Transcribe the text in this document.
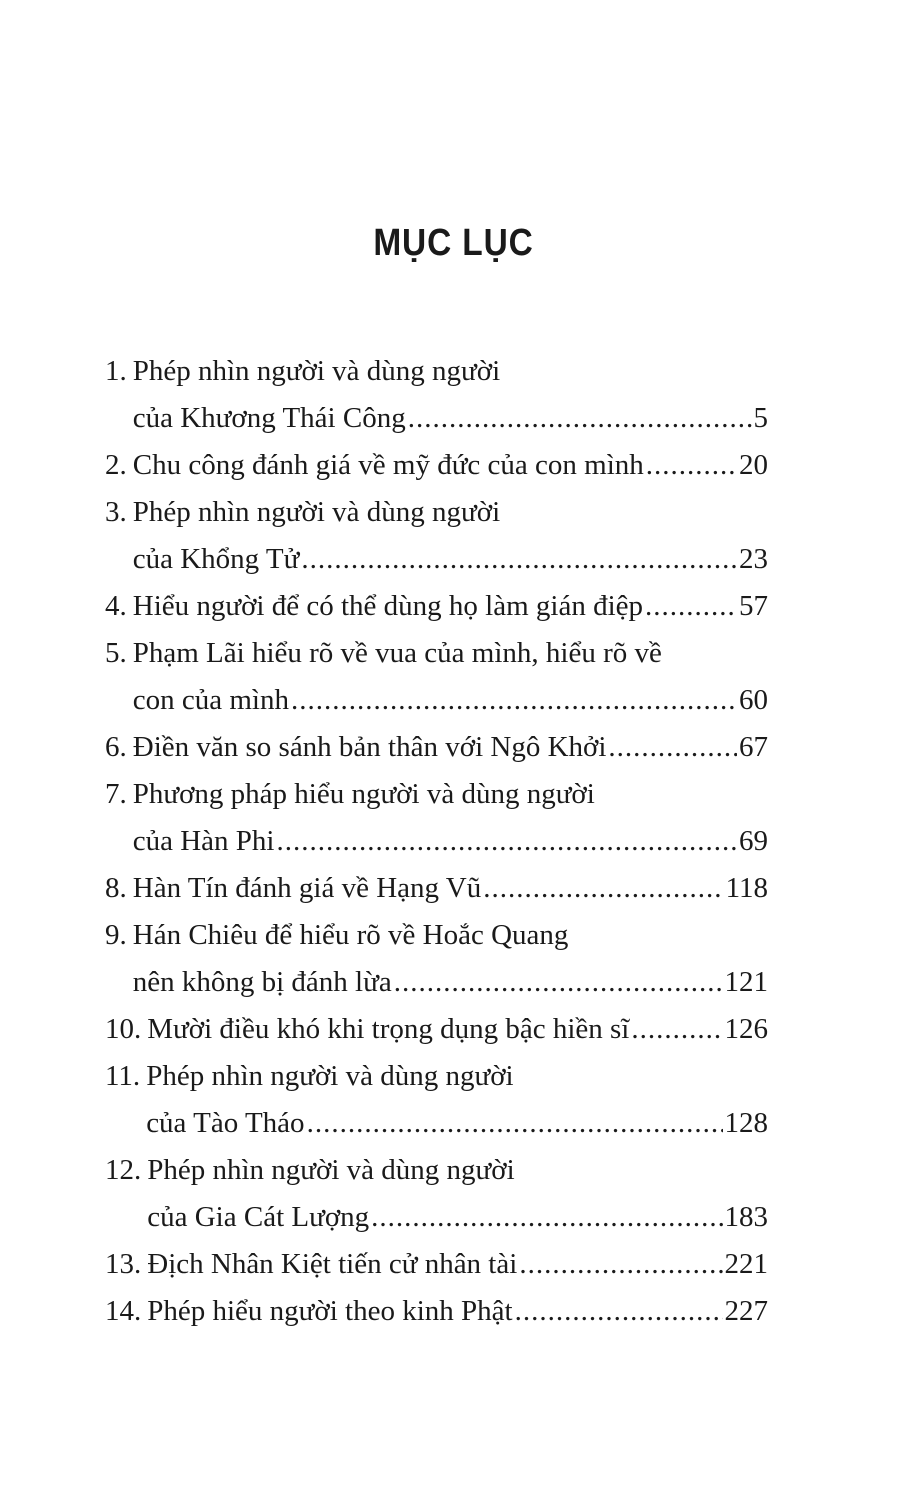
MỤC LỤC
1. Phép nhìn người và dùng người
của Khương Thái Công .....	5
2. Chu công đánh giá về mỹ đức của con mình .....	20
3. Phép nhìn người và dùng người
của Khổng Tử .....	23
4. Hiểu người để có thể dùng họ làm gián điệp .....	57
5. Phạm Lãi hiểu rõ về vua của mình, hiểu rõ về
con của mình .....	60
6. Điền văn so sánh bản thân với Ngô Khởi .....	67
7. Phương pháp hiểu người và dùng người
của Hàn Phi .....	69
8. Hàn Tín đánh giá về Hạng Vũ .....	118
9. Hán Chiêu để hiểu rõ về Hoắc Quang
nên không bị đánh lừa .....	121
10. Mười điều khó khi trọng dụng bậc hiền sĩ .....	126
11. Phép nhìn người và dùng người
của Tào Tháo .....	128
12. Phép nhìn người và dùng người
của Gia Cát Lượng .....	183
13. Địch Nhân Kiệt tiến cử nhân tài .....	221
14. Phép hiểu người theo kinh Phật .....	227
